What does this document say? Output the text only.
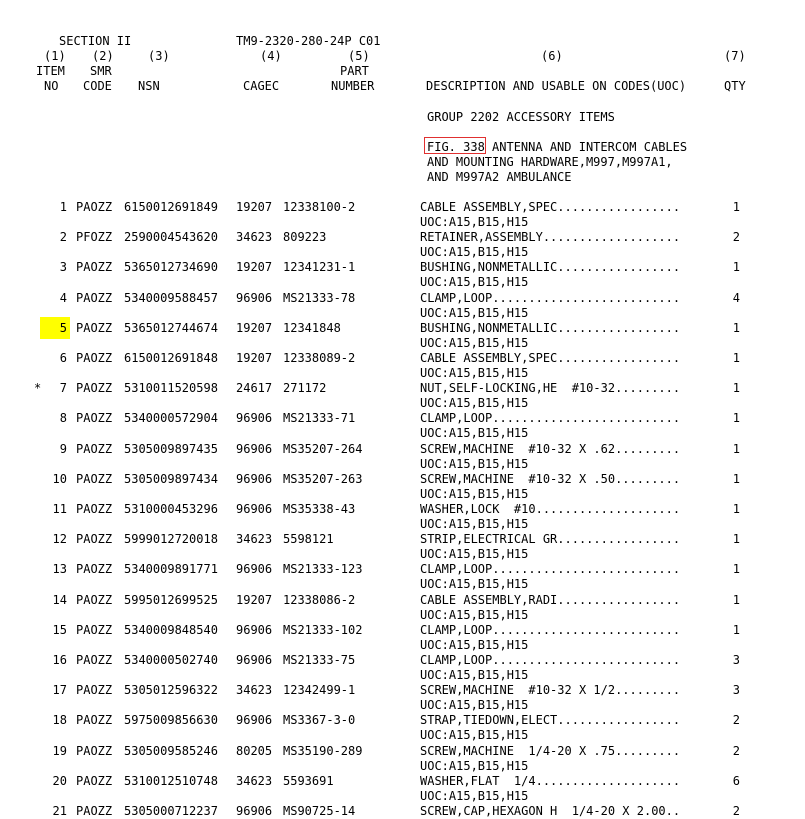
SECTION II	TM9-2320-280-24P C01
(1) (2)	(3)	(4)	(5)	(6)	(7)
ITEM SMR	PART
NO CODE NSN	CAGEC	NUMBER	DESCRIPTION AND USABLE ON CODES(UOC)	QTY
GROUP 2202 ACCESSORY ITEMS
FIG. 338 ANTENNA AND INTERCOM CABLES
AND MOUNTING HARDWARE,M997,M997A1,
AND M997A2 AMBULANCE
1 PAOZZ 6150012691849 19207 12338100-2	CABLE ASSEMBLY,SPEC.................	1
UOC:A15,B15,H15
2 PFOZZ 2590004543620 34623 809223	RETAINER,ASSEMBLY...................	2
UOC:A15,B15,H15
3 PAOZZ 5365012734690 19207 12341231-1	BUSHING,NONMETALLIC.................	1
UOC:A15,B15,H15
4 PAOZZ 5340009588457 96906 MS21333-78	CLAMP,LOOP..........................	4
UOC:A15,B15,H15
5 PAOZZ 5365012744674 19207 12341848	BUSHING,NONMETALLIC.................	1
UOC:A15,B15,H15
6 PAOZZ 6150012691848 19207 12338089-2	CABLE ASSEMBLY,SPEC.................	1
UOC:A15,B15,H15
*	7 PAOZZ 5310011520598 24617 271172	NUT,SELF-LOCKING,HE  #10-32.........	1
UOC:A15,B15,H15
8 PAOZZ 5340000572904 96906 MS21333-71	CLAMP,LOOP..........................	1
UOC:A15,B15,H15
9 PAOZZ 5305009897435 96906 MS35207-264	SCREW,MACHINE  #10-32 X .62.........	1
UOC:A15,B15,H15
10 PAOZZ 5305009897434 96906 MS35207-263	SCREW,MACHINE  #10-32 X .50.........	1
UOC:A15,B15,H15
11 PAOZZ 5310000453296 96906 MS35338-43	WASHER,LOCK  #10....................	1
UOC:A15,B15,H15
12 PAOZZ 5999012720018 34623 5598121	STRIP,ELECTRICAL GR.................	1
UOC:A15,B15,H15
13 PAOZZ 5340009891771 96906 MS21333-123	CLAMP,LOOP..........................	1
UOC:A15,B15,H15
14 PAOZZ 5995012699525 19207 12338086-2	CABLE ASSEMBLY,RADI.................	1
UOC:A15,B15,H15
15 PAOZZ 5340009848540 96906 MS21333-102	CLAMP,LOOP..........................	1
UOC:A15,B15,H15
16 PAOZZ 5340000502740 96906 MS21333-75	CLAMP,LOOP..........................	3
UOC:A15,B15,H15
17 PAOZZ 5305012596322 34623 12342499-1	SCREW,MACHINE  #10-32 X 1/2.........	3
UOC:A15,B15,H15
18 PAOZZ 5975009856630 96906 MS3367-3-0	STRAP,TIEDOWN,ELECT.................	2
UOC:A15,B15,H15
19 PAOZZ 5305009585246 80205 MS35190-289	SCREW,MACHINE  1/4-20 X .75.........	2
UOC:A15,B15,H15
20 PAOZZ 5310012510748 34623 5593691	WASHER,FLAT  1/4....................	6
UOC:A15,B15,H15
21 PAOZZ 5305000712237 96906 MS90725-14	SCREW,CAP,HEXAGON H  1/4-20 X 2.00..	2
